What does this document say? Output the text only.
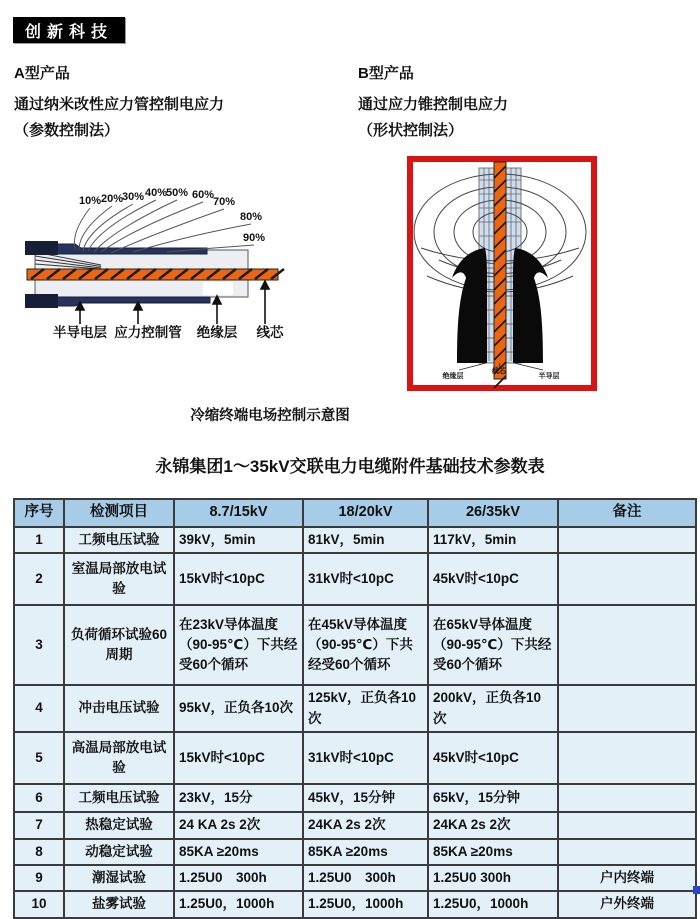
创新科技
A型产品
通过纳米改性应力管控制电应力
（参数控制法）
B型产品
通过应力锥控制电应力
（形状控制法）
10% 20%
30% 40%
50% 60%
70%
80%
90%
半导电层 应力控制管 绝缘层 线芯
绝缘层
线芯
半导层
冷缩终端电场控制示意图
永锦集团1～35kV交联电力电缆附件基础技术参数表
序号	检测项目	8.7/15kV	18/20kV	26/35kV	备注
1	工频电压试验	39kV，5min	81kV，5min	117kV，5min	
2	室温局部放电试验	15kV时<10pC	31kV时<10pC	45kV时<10pC	
3	负荷循环试验60周期	在23kV导体温度（90-95℃）下共经受60个循环	在45kV导体温度（90-95℃）下共经受60个循环	在65kV导体温度（90-95℃）下共经受60个循环	
4	冲击电压试验	95kV，正负各10次	125kV，正负各10次	200kV，正负各10次	
5	高温局部放电试验	15kV时<10pC	31kV时<10pC	45kV时<10pC	
6	工频电压试验	23kV，15分	45kV，15分钟	65kV，15分钟	
7	热稳定试验	24 KA 2s 2次	24KA 2s 2次	24KA 2s 2次	
8	动稳定试验	85KA ≥20ms	85KA ≥20ms	85KA ≥20ms	
9	潮湿试验	1.25U0　300h	1.25U0　300h	1.25U0 300h	户内终端
10	盐雾试验	1.25U0，1000h	1.25U0，1000h	1.25U0，1000h	户外终端
